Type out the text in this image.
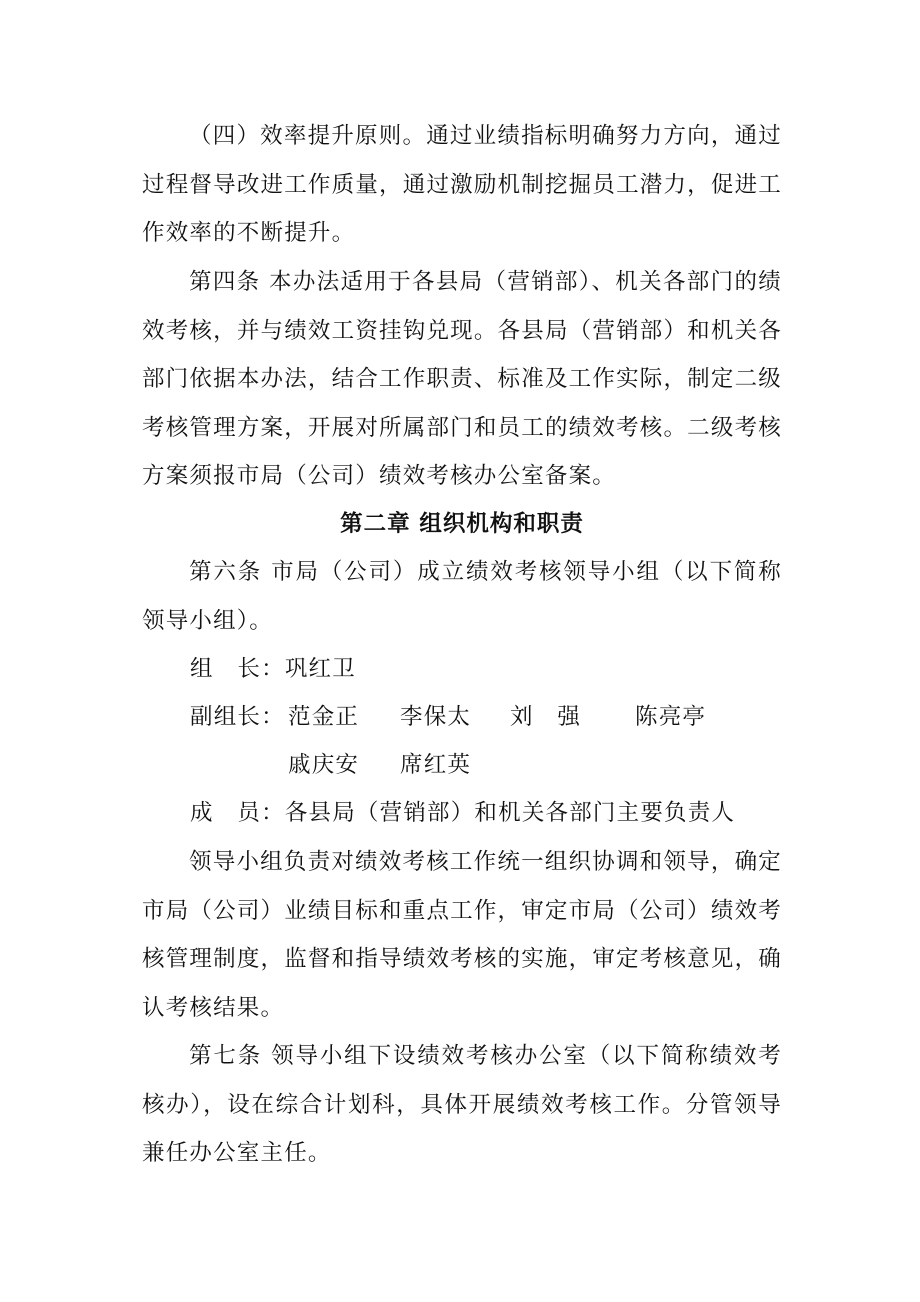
（四）效率提升原则。通过业绩指标明确努力方向，通过过程督导改进工作质量，通过激励机制挖掘员工潜力，促进工作效率的不断提升。

第四条 本办法适用于各县局（营销部）、机关各部门的绩效考核，并与绩效工资挂钩兑现。各县局（营销部）和机关各部门依据本办法，结合工作职责、标准及工作实际，制定二级考核管理方案，开展对所属部门和员工的绩效考核。二级考核方案须报市局（公司）绩效考核办公室备案。

第二章 组织机构和职责

第六条 市局（公司）成立绩效考核领导小组（以下简称领导小组）。

组　长：巩红卫
副组长： 范金正 李保太 刘　强 陈亮亭
戚庆安 席红英
成　员：各县局（营销部）和机关各部门主要负责人

领导小组负责对绩效考核工作统一组织协调和领导，确定市局（公司）业绩目标和重点工作，审定市局（公司）绩效考核管理制度，监督和指导绩效考核的实施，审定考核意见，确认考核结果。

第七条 领导小组下设绩效考核办公室（以下简称绩效考核办），设在综合计划科，具体开展绩效考核工作。分管领导兼任办公室主任。
